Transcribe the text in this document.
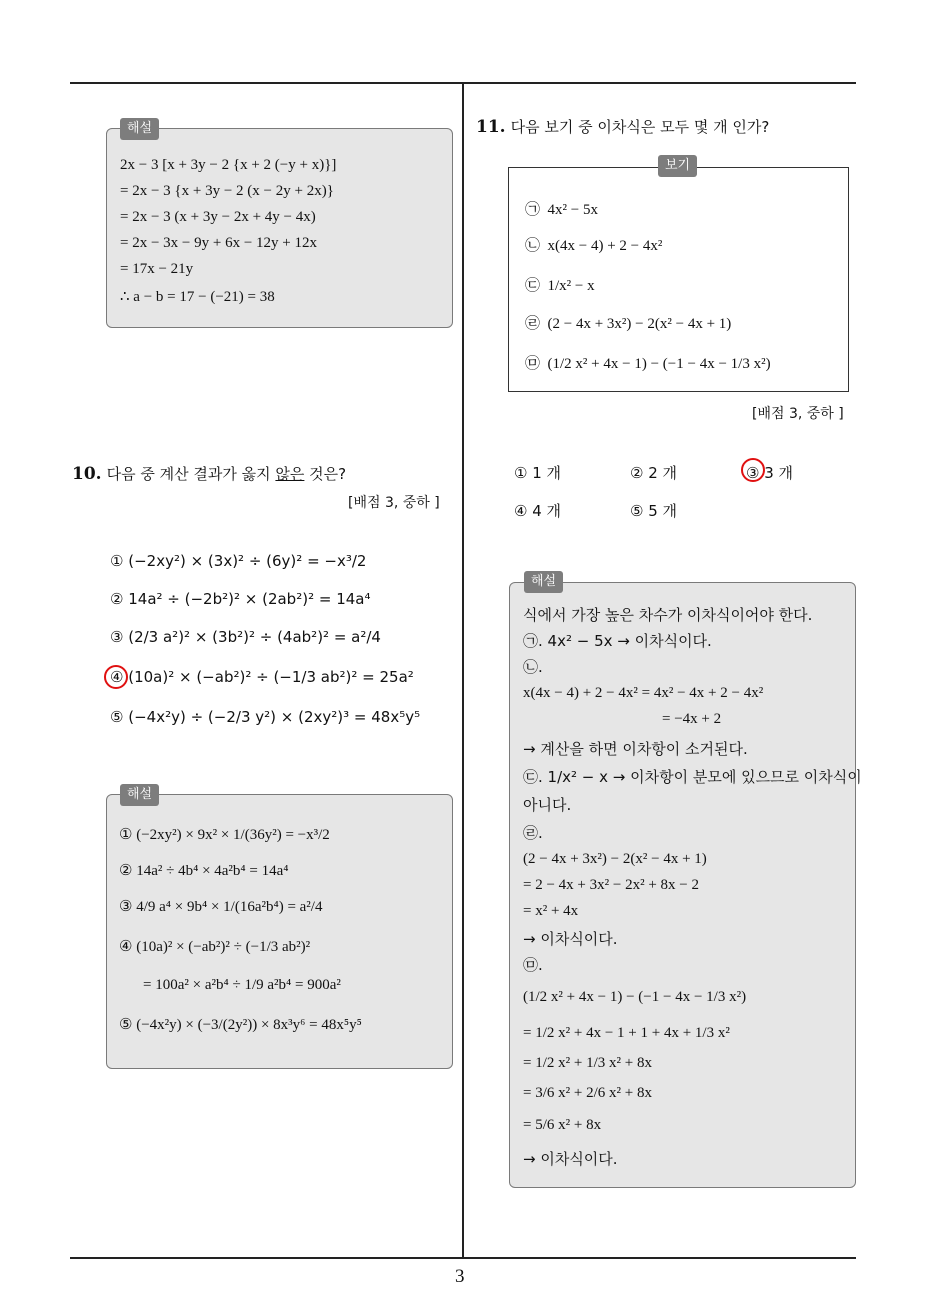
3
2x − 3 [x + 3y − 2 {x + 2 (−y + x)}]
= 2x − 3 {x + 3y − 2 (x − 2y + 2x)}
= 2x − 3 (x + 3y − 2x + 4y − 4x)
= 2x − 3x − 9y + 6x − 12y + 12x
= 17x − 21y
∴ a − b = 17 − (−21) = 38
해설
10. 다음 중 계산 결과가 옳지 않은 것은?
[배점 3, 중하 ]
① (−2xy²) × (3x)² ÷ (6y)² = −x³/2
② 14a² ÷ (−2b²)² × (2ab²)² = 14a⁴
③ (2/3 a²)² × (3b²)² ÷ (4ab²)² = a²/4
④ (10a)² × (−ab²)² ÷ (−1/3 ab²)² = 25a²
⑤ (−4x²y) ÷ (−2/3 y²) × (2xy²)³ = 48x⁵y⁵
① (−2xy²) × 9x² × 1/(36y²) = −x³/2
② 14a² ÷ 4b⁴ × 4a²b⁴ = 14a⁴
③ 4/9 a⁴ × 9b⁴ × 1/(16a²b⁴) = a²/4
④ (10a)² × (−ab²)² ÷ (−1/3 ab²)²
= 100a² × a²b⁴ ÷ 1/9 a²b⁴ = 900a²
⑤ (−4x²y) × (−3/(2y²)) × 8x³y⁶ = 48x⁵y⁵
해설
11. 다음 보기 중 이차식은 모두 몇 개 인가?
㉠ 4x² − 5x
㉡ x(4x − 4) + 2 − 4x²
㉢ 1/x² − x
㉣ (2 − 4x + 3x²) − 2(x² − 4x + 1)
㉤ (1/2 x² + 4x − 1) − (−1 − 4x − 1/3 x²)
보기
[배점 3, 중하 ]
① 1 개	② 2 개	③ 3 개
④ 4 개	⑤ 5 개
식에서 가장 높은 차수가 이차식이어야 한다.
㉠. 4x² − 5x → 이차식이다.
㉡.
x(4x − 4) + 2 − 4x² = 4x² − 4x + 2 − 4x²
= −4x + 2
→ 계산을 하면 이차항이 소거된다.
㉢. 1/x² − x → 이차항이 분모에 있으므로 이차식이
아니다.
㉣.
(2 − 4x + 3x²) − 2(x² − 4x + 1)
= 2 − 4x + 3x² − 2x² + 8x − 2
= x² + 4x
→ 이차식이다.
㉤.
(1/2 x² + 4x − 1) − (−1 − 4x − 1/3 x²)
= 1/2 x² + 4x − 1 + 1 + 4x + 1/3 x²
= 1/2 x² + 1/3 x² + 8x
= 3/6 x² + 2/6 x² + 8x
= 5/6 x² + 8x
→ 이차식이다.
해설
